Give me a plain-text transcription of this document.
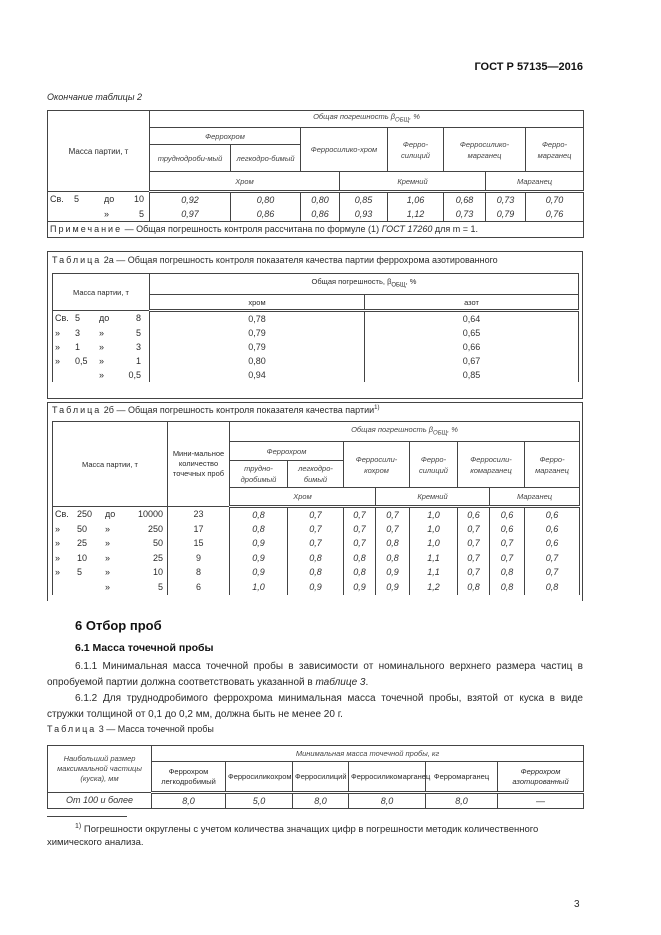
ГОСТ Р 57135—2016
Окончание таблицы 2
Масса партии, т	Общая погрешность $\beta_{ОБЩ}$, %							
	Феррохром		Ферросилико-хром		Ферро-силиций	Ферросилико-марганец		Ферро-марганец
	труднодроби-мый	легкодро-бимый						
	Хром			Кремний			Марганец	

Св. 5 до 10	0,92	0,80	0,80	0,85	1,06	0,68	0,73	0,70

» 5	0,97	0,86	0,86	0,93	1,12	0,73	0,79	0,76
Примечание — Общая погрешность контроля рассчитана по формуле (1) ГОСТ 17260 для m = 1.								
Таблица 2а — Общая погрешность контроля показателя качества партии феррохрома азотированного
Масса партии, т	Общая погрешность, $\beta_{ОБЩ}$, %	
	хром	азот

Св. 5 до 8	0,78	0,64

» 3 » 5	0,79	0,65

» 1 » 3	0,79	0,66

» 0,5 » 1	0,80	0,67

» 0,5	0,94	0,85
Таблица 2б — Общая погрешность контроля показателя качества партии$^{1)}$
Масса партии, т	Мини-мальное количество точечных проб	Общая погрешность $\beta_{ОБЩ}$, %							
		Феррохром		Ферросили-кохром		Ферро-силиций	Ферросили-комарганец		Ферро-марганец
		трудно-дробимый	легкодро-бимый						
		Хром			Кремний			Марганец	

Св. 250 до 10000	23	0,8	0,7	0,7	0,7	1,0	0,6	0,6	0,6

» 50 » 250	17	0,8	0,7	0,7	0,7	1,0	0,7	0,6	0,6

» 25 » 50	15	0,9	0,7	0,7	0,8	1,0	0,7	0,7	0,6

» 10 » 25	9	0,9	0,8	0,8	0,8	1,1	0,7	0,7	0,7

» 5 » 10	8	0,9	0,8	0,8	0,9	1,1	0,7	0,8	0,7

» 5	6	1,0	0,9	0,9	0,9	1,2	0,8	0,8	0,8
6 Отбор проб
6.1 Масса точечной пробы
6.1.1 Минимальная масса точечной пробы в зависимости от номинального верхнего размера частиц в опробуемой партии должна соответствовать указанной в таблице 3.
6.1.2 Для труднодробимого феррохрома минимальная масса точечной пробы, взятой от куска в виде стружки толщиной от 0,1 до 0,2 мм, должна быть не менее 20 г.
Таблица 3 — Масса точечной пробы
Наибольший размер максимальной частицы (куска), мм	Минимальная масса точечной пробы, кг					
	Феррохром легкодробимый	Ферросиликохром	Ферросилиций	Ферросиликомарганец	Ферромарганец	Феррохром азотированный
От 100 и более	8,0	5,0	8,0	8,0	8,0	—
$^{1)}$ Погрешности округлены с учетом количества значащих цифр в погрешности методик количественного химического анализа.
3
